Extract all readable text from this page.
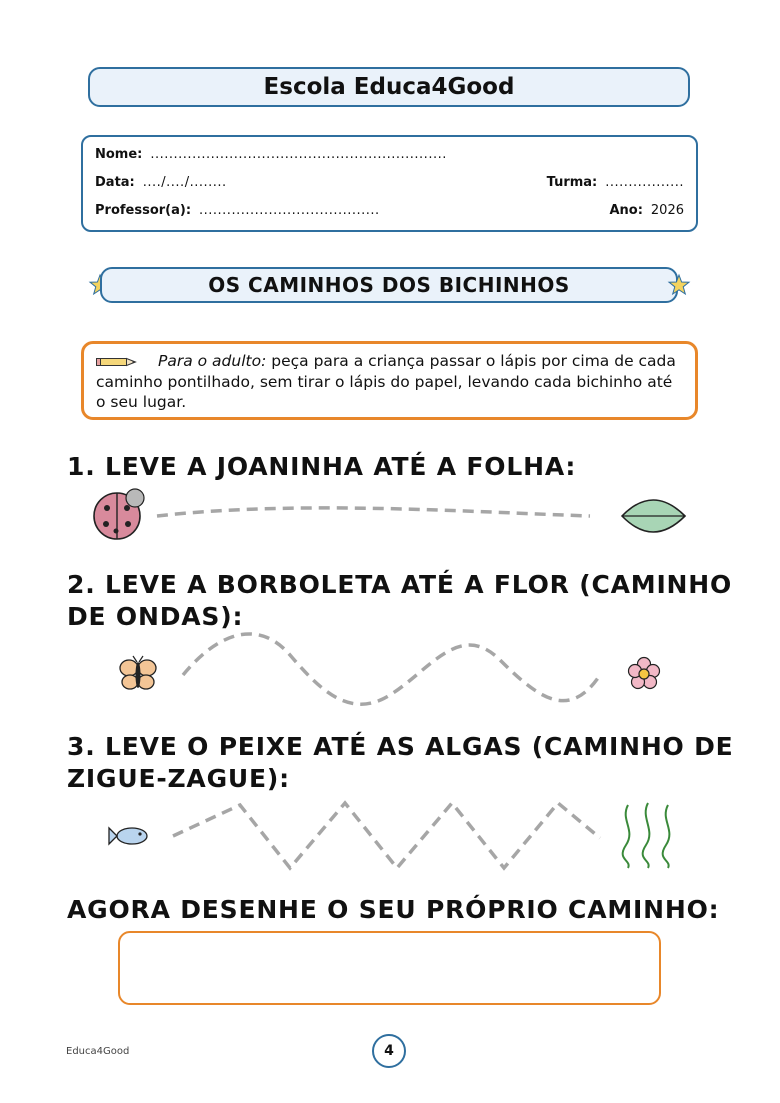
Escola Educa4Good
Nome: ................................................................
Data: ..../..../........	Turma: .................
Professor(a): .......................................	Ano: 2026
OS CAMINHOS DOS BICHINHOS
Para o adulto: peça para a criança passar o lápis por cima de cada caminho pontilhado, sem tirar o lápis do papel, levando cada bichinho até o seu lugar.
1. LEVE A JOANINHA ATÉ A FOLHA:
2. LEVE A BORBOLETA ATÉ A FLOR (CAMINHO DE ONDAS):
3. LEVE O PEIXE ATÉ AS ALGAS (CAMINHO DE ZIGUE-ZAGUE):
AGORA DESENHE O SEU PRÓPRIO CAMINHO:
Educa4Good	4
